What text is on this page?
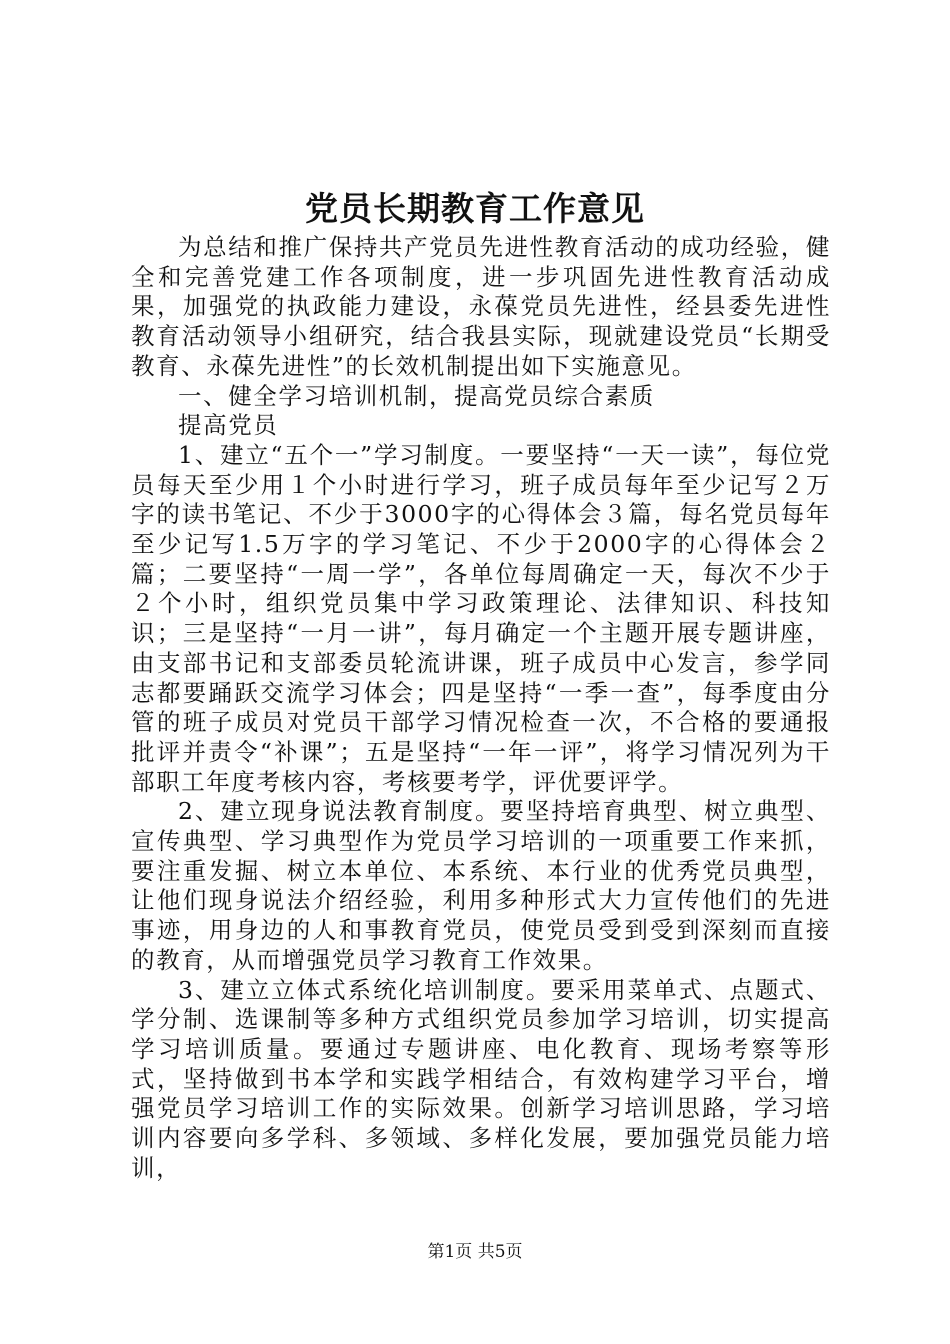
党员长期教育工作意见

为总结和推广保持共产党员先进性教育活动的成功经验，健全和完善党建工作各项制度，进一步巩固先进性教育活动成果，加强党的执政能力建设，永葆党员先进性，经县委先进性教育活动领导小组研究，结合我县实际，现就建设党员“长期受教育、永葆先进性”的长效机制提出如下实施意见。

一、健全学习培训机制，提高党员综合素质

提高党员

1、建立“五个一”学习制度。一要坚持“一天一读”，每位党员每天至少用１个小时进行学习，班子成员每年至少记写２万字的读书笔记、不少于3000字的心得体会３篇，每名党员每年至少记写1.5万字的学习笔记、不少于2000字的心得体会２篇；二要坚持“一周一学”，各单位每周确定一天，每次不少于２个小时，组织党员集中学习政策理论、法律知识、科技知识；三是坚持“一月一讲”，每月确定一个主题开展专题讲座，由支部书记和支部委员轮流讲课，班子成员中心发言，参学同志都要踊跃交流学习体会；四是坚持“一季一查”，每季度由分管的班子成员对党员干部学习情况检查一次，不合格的要通报批评并责令“补课”；五是坚持“一年一评”，将学习情况列为干部职工年度考核内容，考核要考学，评优要评学。

2、建立现身说法教育制度。要坚持培育典型、树立典型、宣传典型、学习典型作为党员学习培训的一项重要工作来抓，要注重发掘、树立本单位、本系统、本行业的优秀党员典型，让他们现身说法介绍经验，利用多种形式大力宣传他们的先进事迹，用身边的人和事教育党员，使党员受到受到深刻而直接的教育，从而增强党员学习教育工作效果。

3、建立立体式系统化培训制度。要采用菜单式、点题式、学分制、选课制等多种方式组织党员参加学习培训，切实提高学习培训质量。要通过专题讲座、电化教育、现场考察等形式，坚持做到书本学和实践学相结合，有效构建学习平台，增强党员学习培训工作的实际效果。创新学习培训思路，学习培训内容要向多学科、多领域、多样化发展，要加强党员能力培训，

第1页 共5页
